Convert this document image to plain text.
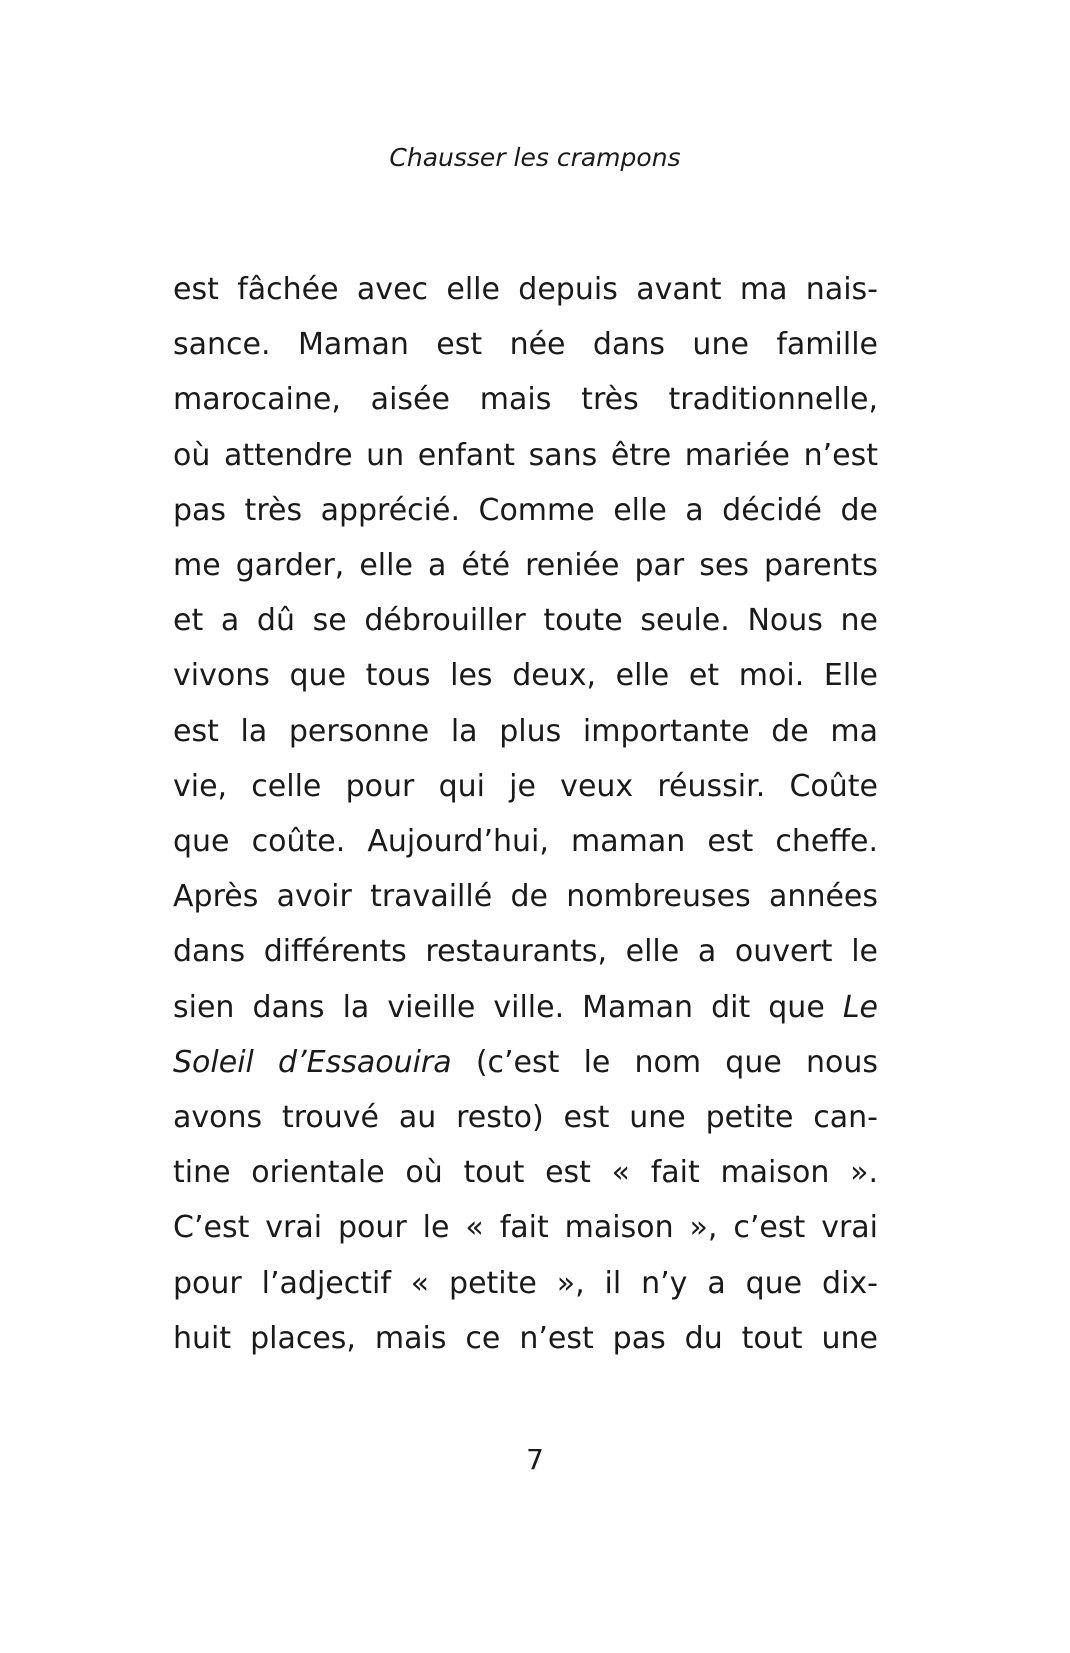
Chausser les crampons
est fâchée avec elle depuis avant ma nais-
sance. Maman est née dans une famille
marocaine, aisée mais très traditionnelle,
où attendre un enfant sans être mariée n’est
pas très apprécié. Comme elle a décidé de
me garder, elle a été reniée par ses parents
et a dû se débrouiller toute seule. Nous ne
vivons que tous les deux, elle et moi. Elle
est la personne la plus importante de ma
vie, celle pour qui je veux réussir. Coûte
que coûte. Aujourd’hui, maman est cheffe.
Après avoir travaillé de nombreuses années
dans différents restaurants, elle a ouvert le
sien dans la vieille ville. Maman dit que Le
Soleil d’Essaouira (c’est le nom que nous
avons trouvé au resto) est une petite can-
tine orientale où tout est « fait maison ».
C’est vrai pour le « fait maison », c’est vrai
pour l’adjectif « petite », il n’y a que dix-
huit places, mais ce n’est pas du tout une
7
